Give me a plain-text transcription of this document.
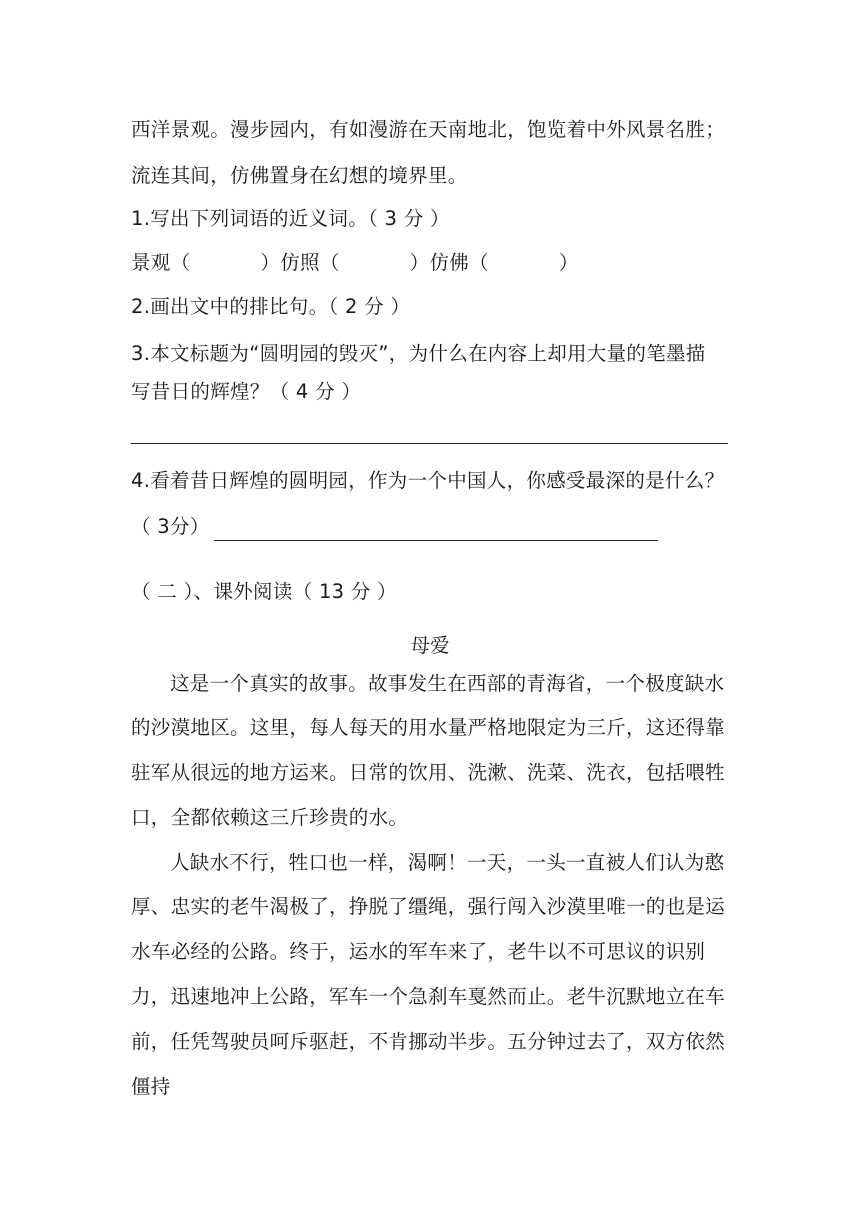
西洋景观。漫步园内，有如漫游在天南地北，饱览着中外风景名胜；
流连其间，仿佛置身在幻想的境界里。
1.写出下列词语的近义词。（ 3 分 ）
景观（	）仿照（	）仿佛（	）
2.画出文中的排比句。（ 2 分 ）
3.本文标题为“圆明园的毁灭”，为什么在内容上却用大量的笔墨描
写昔日的辉煌？（ 4 分 ）
4.看着昔日辉煌的圆明园，作为一个中国人，你感受最深的是什么？
（ 3分）
（ 二 ）、课外阅读（ 13 分 ）
母爱
这是一个真实的故事。故事发生在西部的青海省，一个极度缺水
的沙漠地区。这里，每人每天的用水量严格地限定为三斤，这还得靠
驻军从很远的地方运来。日常的饮用、洗漱、洗菜、洗衣，包括喂牲
口，全都依赖这三斤珍贵的水。
人缺水不行，牲口也一样，渴啊！一天，一头一直被人们认为憨
厚、忠实的老牛渴极了，挣脱了缰绳，强行闯入沙漠里唯一的也是运
水车必经的公路。终于，运水的军车来了，老牛以不可思议的识别
力，迅速地冲上公路，军车一个急刹车戛然而止。老牛沉默地立在车
前，任凭驾驶员呵斥驱赶，不肯挪动半步。五分钟过去了，双方依然
僵持
